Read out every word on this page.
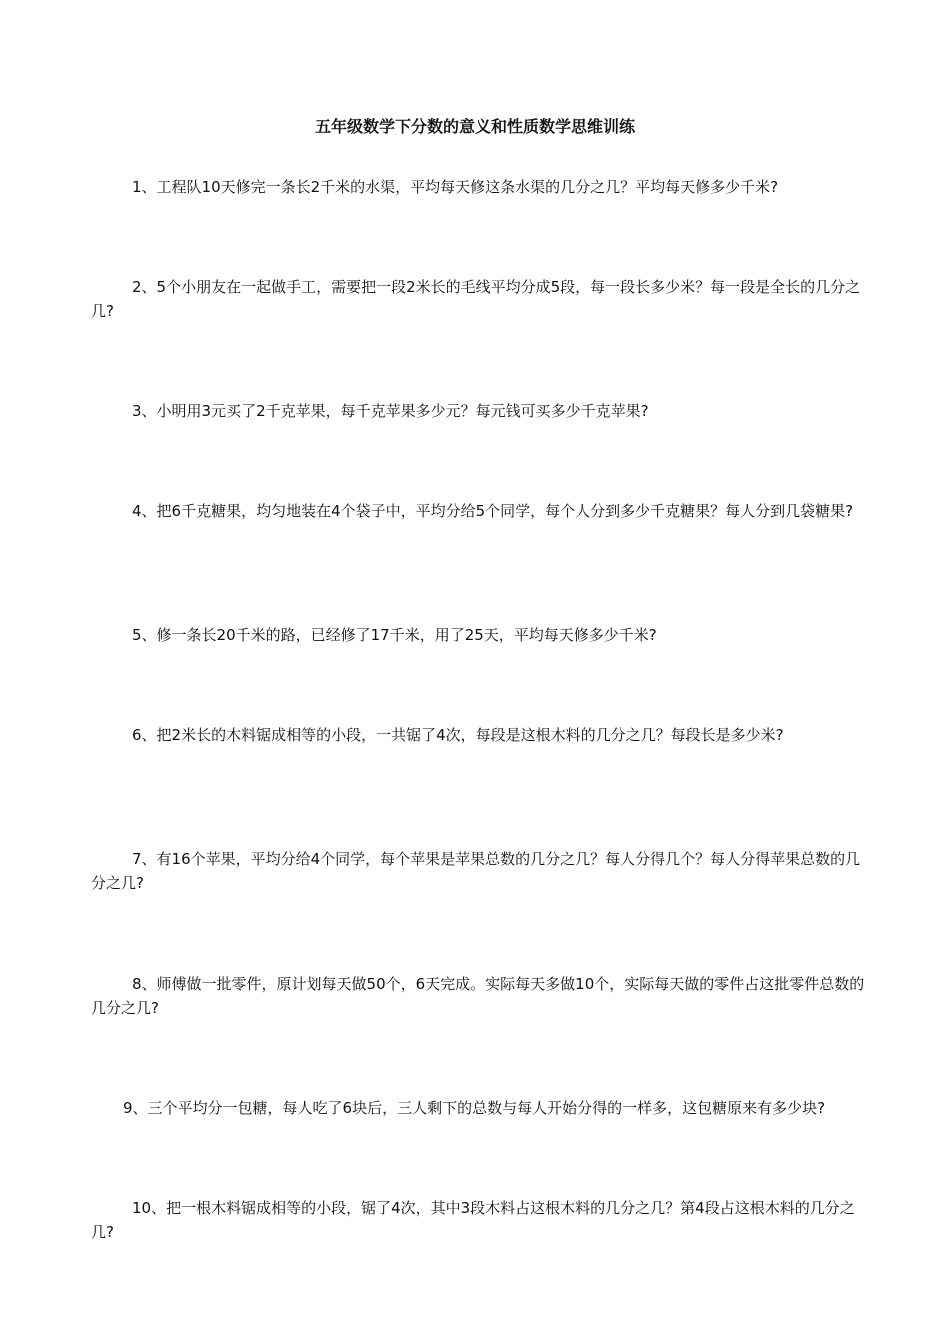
五年级数学下分数的意义和性质数学思维训练
1、工程队10天修完一条长2千米的水渠，平均每天修这条水渠的几分之几？平均每天修多少千米?
2、5个小朋友在一起做手工，需要把一段2米长的毛线平均分成5段，每一段长多少米？每一段是全长的几分之几?
3、小明用3元买了2千克苹果，每千克苹果多少元？每元钱可买多少千克苹果?
4、把6千克糖果，均匀地装在4个袋子中，平均分给5个同学，每个人分到多少千克糖果？每人分到几袋糖果?
5、修一条长20千米的路，已经修了17千米，用了25天，平均每天修多少千米?
6、把2米长的木料锯成相等的小段，一共锯了4次，每段是这根木料的几分之几？每段长是多少米?
7、有16个苹果，平均分给4个同学，每个苹果是苹果总数的几分之几？每人分得几个？每人分得苹果总数的几分之几?
8、师傅做一批零件，原计划每天做50个，6天完成。实际每天多做10个，实际每天做的零件占这批零件总数的几分之几?
9、三个平均分一包糖，每人吃了6块后，三人剩下的总数与每人开始分得的一样多，这包糖原来有多少块?
10、把一根木料锯成相等的小段，锯了4次，其中3段木料占这根木料的几分之几？第4段占这根木料的几分之几?
